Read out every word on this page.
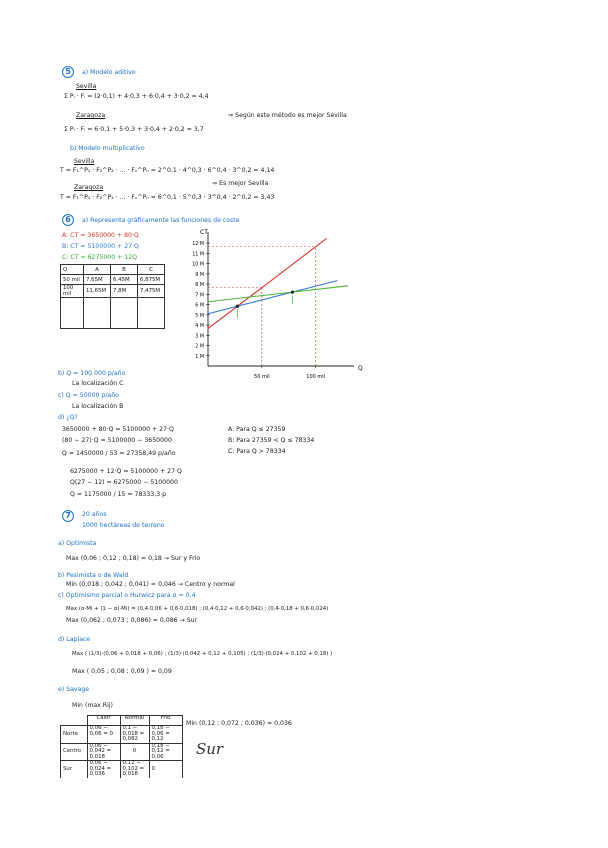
5	a) Modelo aditivo
Sevilla
Σ Pᵢ · Fᵢ = (2·0,1) + 4·0,3 + 6·0,4 + 3·0,2 = 4,4
Zaragoza	⇒ Según este método es mejor Sevilla
Σ Pᵢ · Fᵢ = 6·0,1 + 5·0,3 + 3·0,4 + 2·0,2 = 3,7
b) Modelo multiplicativo
Sevilla
T = F₁^P₁ · F₂^P₂ · ... · Fₙ^Pₙ = 2^0,1 · 4^0,3 · 6^0,4 · 3^0,2 = 4,14
⇒ Es mejor Sevilla
Zaragoza
T = F₁^P₁ · F₂^P₂ · ... · Fₙ^Pₙ = 6^0,1 · 5^0,3 · 3^0,4 · 2^0,2 = 3,43
6	a) Representa gráficamente las funciones de coste
A: CT = 3650000 + 80·Q
B: CT = 5100000 + 27·Q
C: CT = 6275000 + 12Q
Q	A	B	C
50 mil	7,65M	6,45M	6,875M
100 mil	11,65M	7,8M	7,475M

CT
Q
12 M
11 M
10 M
9 M
8 M
7 M
6 M
5 M
4 M
3 M
2 M
1 M
50 mil	100 mil
b) Q = 100 000 p/año
La localización C
c) Q = 50000 p/año
La localización B
d) ¿Q?
3650000 + 80·Q = 5100000 + 27·Q
(80 − 27)·Q = 5100000 − 3650000
Q = 1450000 / 53 = 27358,49 p/año
6275000 + 12·Q = 5100000 + 27·Q
Q(27 − 12) = 6275000 − 5100000
Q = 1175000 / 15 = 78333,3 p
A: Para Q ≤ 27359
B: Para 27359 < Q ≤ 78334
C: Para Q > 78334
7	20 años
1000 hectáreas de terreno
a) Optimista
Max (0,06 ; 0,12 ; 0,18) = 0,18 → Sur y Frío
b) Pesimista o de Wald
Min (0,018 ; 0,042 ; 0,041) = 0,046 → Centro y normal
c) Optimismo parcial o Hurwicz para α = 0,4
Max (α·Mi + (1 − α)·Mi) = (0,4·0,06 + 0,6·0,018) ; (0,4·0,12 + 0,6·0,042) ; (0,4·0,18 + 0,6·0,024)
Max (0,062 ; 0,073 ; 0,086) = 0,086 → Sur
d) Laplace
Max ( (1/3)·(0,06 + 0,018 + 0,06) ; (1/3)·(0,042 + 0,12 + 0,105) ; (1/3)·(0,024 + 0,102 + 0,18) )
Max ( 0,05 ; 0,08 ; 0,09 ) = 0,09
e) Savage
Min (max Rij)
	Calor	Normal	Frío
Norte	0,06 − 0,06 = 0	0,1 − 0,018 = 0,082	0,18 − 0,06 = 0,12
Centro	0,06 − 0,042 = 0,018	0	0,18 − 0,12 = 0,06
Sur	0,06 − 0,024 = 0,036	0,12 − 0,102 = 0,018	0
Min (0,12 ; 0,072 ; 0,036) = 0,036
Sur
